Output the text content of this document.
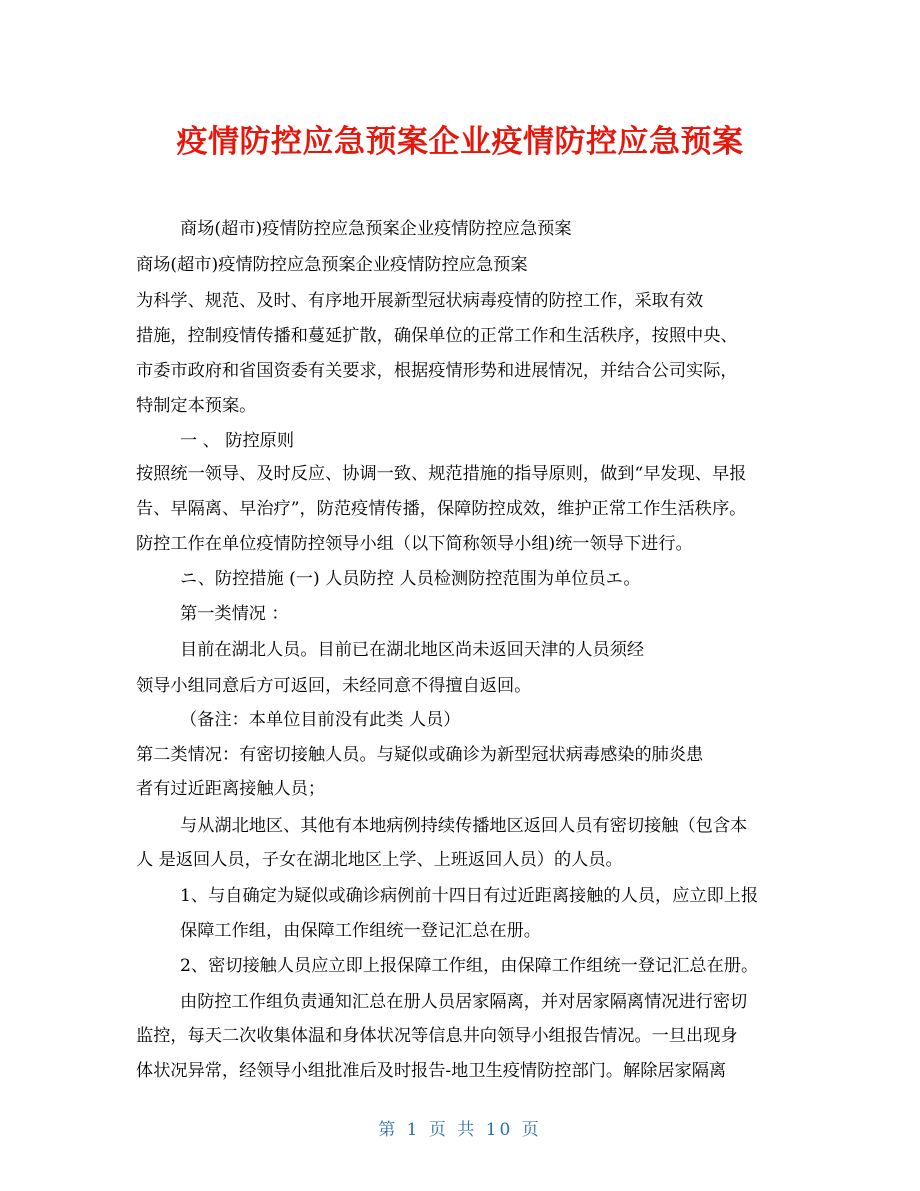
疫情防控应急预案企业疫情防控应急预案
商场(超市)疫情防控应急预案企业疫情防控应急预案
商场(超市)疫情防控应急预案企业疫情防控应急预案
为科学、规范、及时、有序地开展新型冠状病毒疫情的防控工作，采取有效
措施，控制疫情传播和蔓延扩散，确保单位的正常工作和生活秩序，按照中央、
市委市政府和省国资委有关要求，根据疫情形势和进展情况，并结合公司实际，
特制定本预案。
一 、 防控原则
按照统一领导、及时反应、协调一致、规范措施的指导原则，做到“早发现、早报
告、早隔离、早治疗”，防范疫情传播，保障防控成效，维护正常工作生活秩序。
防控工作在单位疫情防控领导小组（以下简称领导小组)统一领导下进行。
ニ、防控措施 (一) 人员防控 人员检测防控范围为单位员エ。
第一类情况 ：
目前在湖北人员。目前已在湖北地区尚未返回天津的人员须经
领导小组同意后方可返回，未经同意不得擅自返回。
（备注：本单位目前没有此类 人员）
第二类情况：有密切接触人员。与疑似或确诊为新型冠状病毒感染的肺炎患
者有过近距离接触人员；
与从湖北地区、其他有本地病例持续传播地区返回人员有密切接触（包含本
人 是返回人员，子女在湖北地区上学、上班返回人员）的人员。
1、与自确定为疑似或确诊病例前十四日有过近距离接触的人员，应立即上报
保障工作组，由保障工作组统一登记汇总在册。
2、密切接触人员应立即上报保障工作组，由保障工作组统一登记汇总在册。
由防控工作组负责通知汇总在册人员居家隔离，并对居家隔离情况进行密切
监控，每天二次收集体温和身体状况等信息井向领导小组报告情况。一旦出现身
体状况异常，经领导小组批准后及时报告-地卫生疫情防控部门。解除居家隔离
第 1 页 共 10 页
